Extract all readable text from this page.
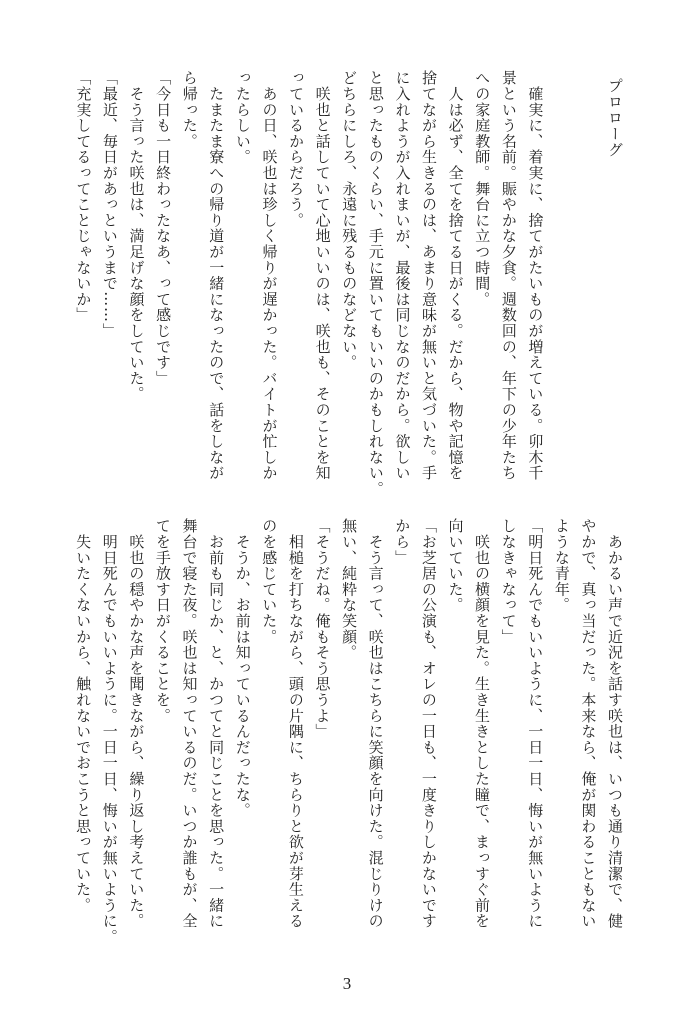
プロローグ
　確実に、着実に、捨てがたいものが増えている。卯木千
景という名前。賑やかな夕食。週数回の、年下の少年たち
への家庭教師。舞台に立つ時間。
　人は必ず、全てを捨てる日がくる。だから、物や記憶を
捨てながら生きるのは、あまり意味が無いと気づいた。手
に入れようが入れまいが、最後は同じなのだから。欲しい
と思ったものくらい、手元に置いてもいいのかもしれない。
どちらにしろ、永遠に残るものなどない。
　咲也と話していて心地いいのは、咲也も、そのことを知
っているからだろう。
　あの日、咲也は珍しく帰りが遅かった。バイトが忙しか
ったらしい。
　たまたま寮への帰り道が一緒になったので、話をしなが
ら帰った。
「今日も一日終わったなあ、って感じです」
　そう言った咲也は、満足げな顔をしていた。
「最近、毎日があっというまで……」
「充実してるってことじゃないか」
　あかるい声で近況を話す咲也は、いつも通り清潔で、健
やかで、真っ当だった。本来なら、俺が関わることもない
ような青年。
「明日死んでもいいように、一日一日、悔いが無いように
しなきゃなって」
　咲也の横顔を見た。生き生きとした瞳で、まっすぐ前を
向いていた。
「お芝居の公演も、オレの一日も、一度きりしかないです
から」
　そう言って、咲也はこちらに笑顔を向けた。混じりけの
無い、純粋な笑顔。
「そうだね。俺もそう思うよ」
　相槌を打ちながら、頭の片隅に、ちらりと欲が芽生える
のを感じていた。
　そうか、お前は知っているんだったな。
　お前も同じか、と、かつてと同じことを思った。一緒に
舞台で寝た夜。咲也は知っているのだ。いつか誰もが、全
てを手放す日がくることを。
　咲也の穏やかな声を聞きながら、繰り返し考えていた。
　明日死んでもいいように。一日一日、悔いが無いように。
　失いたくないから、触れないでおこうと思っていた。
3
